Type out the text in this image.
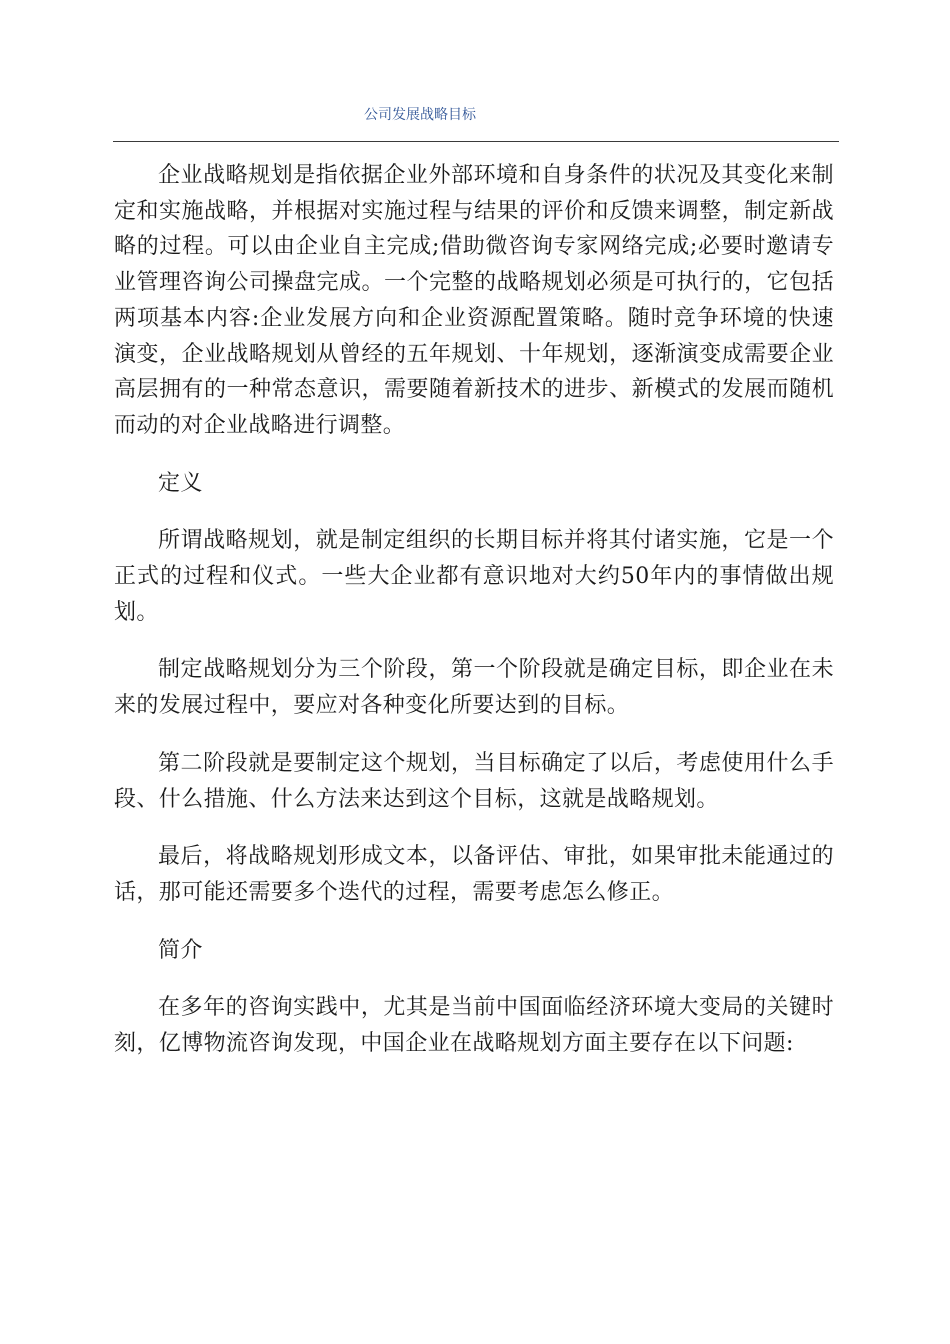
公司发展战略目标

企业战略规划是指依据企业外部环境和自身条件的状况及其变化来制定和实施战略，并根据对实施过程与结果的评价和反馈来调整，制定新战略的过程。可以由企业自主完成;借助微咨询专家网络完成;必要时邀请专业管理咨询公司操盘完成。一个完整的战略规划必须是可执行的，它包括两项基本内容:企业发展方向和企业资源配置策略。随时竞争环境的快速演变，企业战略规划从曾经的五年规划、十年规划，逐渐演变成需要企业高层拥有的一种常态意识，需要随着新技术的进步、新模式的发展而随机而动的对企业战略进行调整。

定义

所谓战略规划，就是制定组织的长期目标并将其付诸实施，它是一个正式的过程和仪式。一些大企业都有意识地对大约50年内的事情做出规划。

制定战略规划分为三个阶段，第一个阶段就是确定目标，即企业在未来的发展过程中，要应对各种变化所要达到的目标。

第二阶段就是要制定这个规划，当目标确定了以后，考虑使用什么手段、什么措施、什么方法来达到这个目标，这就是战略规划。

最后，将战略规划形成文本，以备评估、审批，如果审批未能通过的话，那可能还需要多个迭代的过程，需要考虑怎么修正。

简介

在多年的咨询实践中，尤其是当前中国面临经济环境大变局的关键时刻，亿博物流咨询发现，中国企业在战略规划方面主要存在以下问题:
